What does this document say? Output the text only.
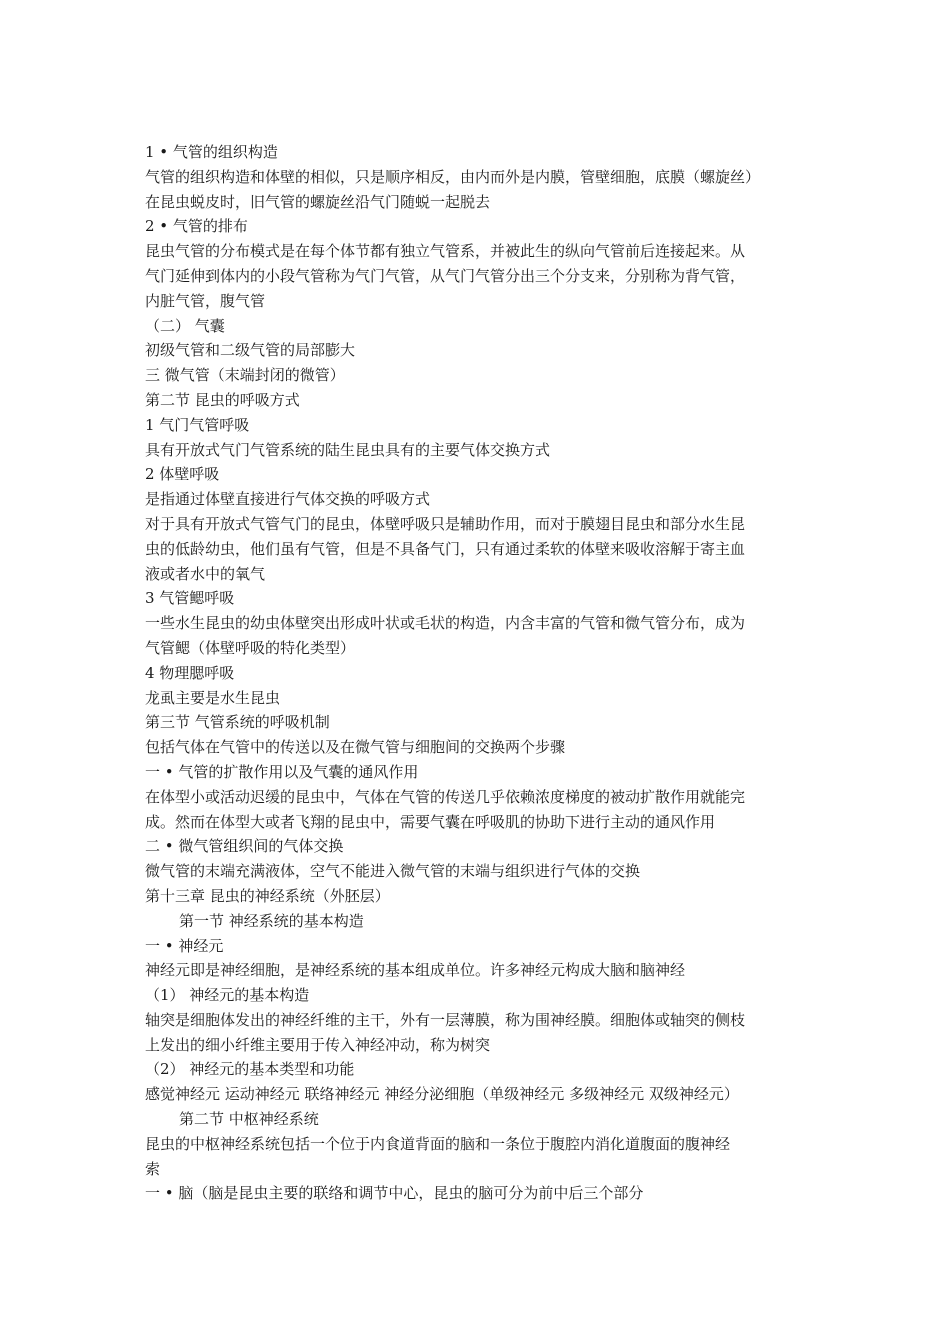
1 • 气管的组织构造
气管的组织构造和体壁的相似，只是顺序相反，由内而外是内膜，管壁细胞，底膜（螺旋丝）
在昆虫蜕皮时，旧气管的螺旋丝沿气门随蜕一起脱去
2 • 气管的排布
昆虫气管的分布模式是在每个体节都有独立气管系，并被此生的纵向气管前后连接起来。从
气门延伸到体内的小段气管称为气门气管，从气门气管分出三个分支来，分别称为背气管，
内脏气管，腹气管
（二） 气囊
初级气管和二级气管的局部膨大
三 微气管（末端封闭的微管）
第二节 昆虫的呼吸方式
1 气门气管呼吸
具有开放式气门气管系统的陆生昆虫具有的主要气体交换方式
2 体壁呼吸
是指通过体壁直接进行气体交换的呼吸方式
对于具有开放式气管气门的昆虫，体壁呼吸只是辅助作用，而对于膜翅目昆虫和部分水生昆
虫的低龄幼虫，他们虽有气管，但是不具备气门，只有通过柔软的体壁来吸收溶解于寄主血
液或者水中的氧气
3 气管鳃呼吸
一些水生昆虫的幼虫体壁突出形成叶状或毛状的构造，内含丰富的气管和微气管分布，成为
气管鳃（体壁呼吸的特化类型）
4 物理腮呼吸
龙虱主要是水生昆虫
第三节 气管系统的呼吸机制
包括气体在气管中的传送以及在微气管与细胞间的交换两个步骤
一 • 气管的扩散作用以及气囊的通风作用
在体型小或活动迟缓的昆虫中，气体在气管的传送几乎依赖浓度梯度的被动扩散作用就能完
成。然而在体型大或者飞翔的昆虫中，需要气囊在呼吸肌的协助下进行主动的通风作用
二 • 微气管组织间的气体交换
微气管的末端充满液体，空气不能进入微气管的末端与组织进行气体的交换
第十三章 昆虫的神经系统（外胚层）
第一节 神经系统的基本构造
一 • 神经元
神经元即是神经细胞，是神经系统的基本组成单位。许多神经元构成大脑和脑神经
（1） 神经元的基本构造
轴突是细胞体发出的神经纤维的主干，外有一层薄膜，称为围神经膜。细胞体或轴突的侧枝
上发出的细小纤维主要用于传入神经冲动，称为树突
（2） 神经元的基本类型和功能
感觉神经元 运动神经元 联络神经元 神经分泌细胞（单级神经元 多级神经元 双级神经元）
第二节 中枢神经系统
昆虫的中枢神经系统包括一个位于内食道背面的脑和一条位于腹腔内消化道腹面的腹神经
索
一 • 脑（脑是昆虫主要的联络和调节中心，昆虫的脑可分为前中后三个部分
